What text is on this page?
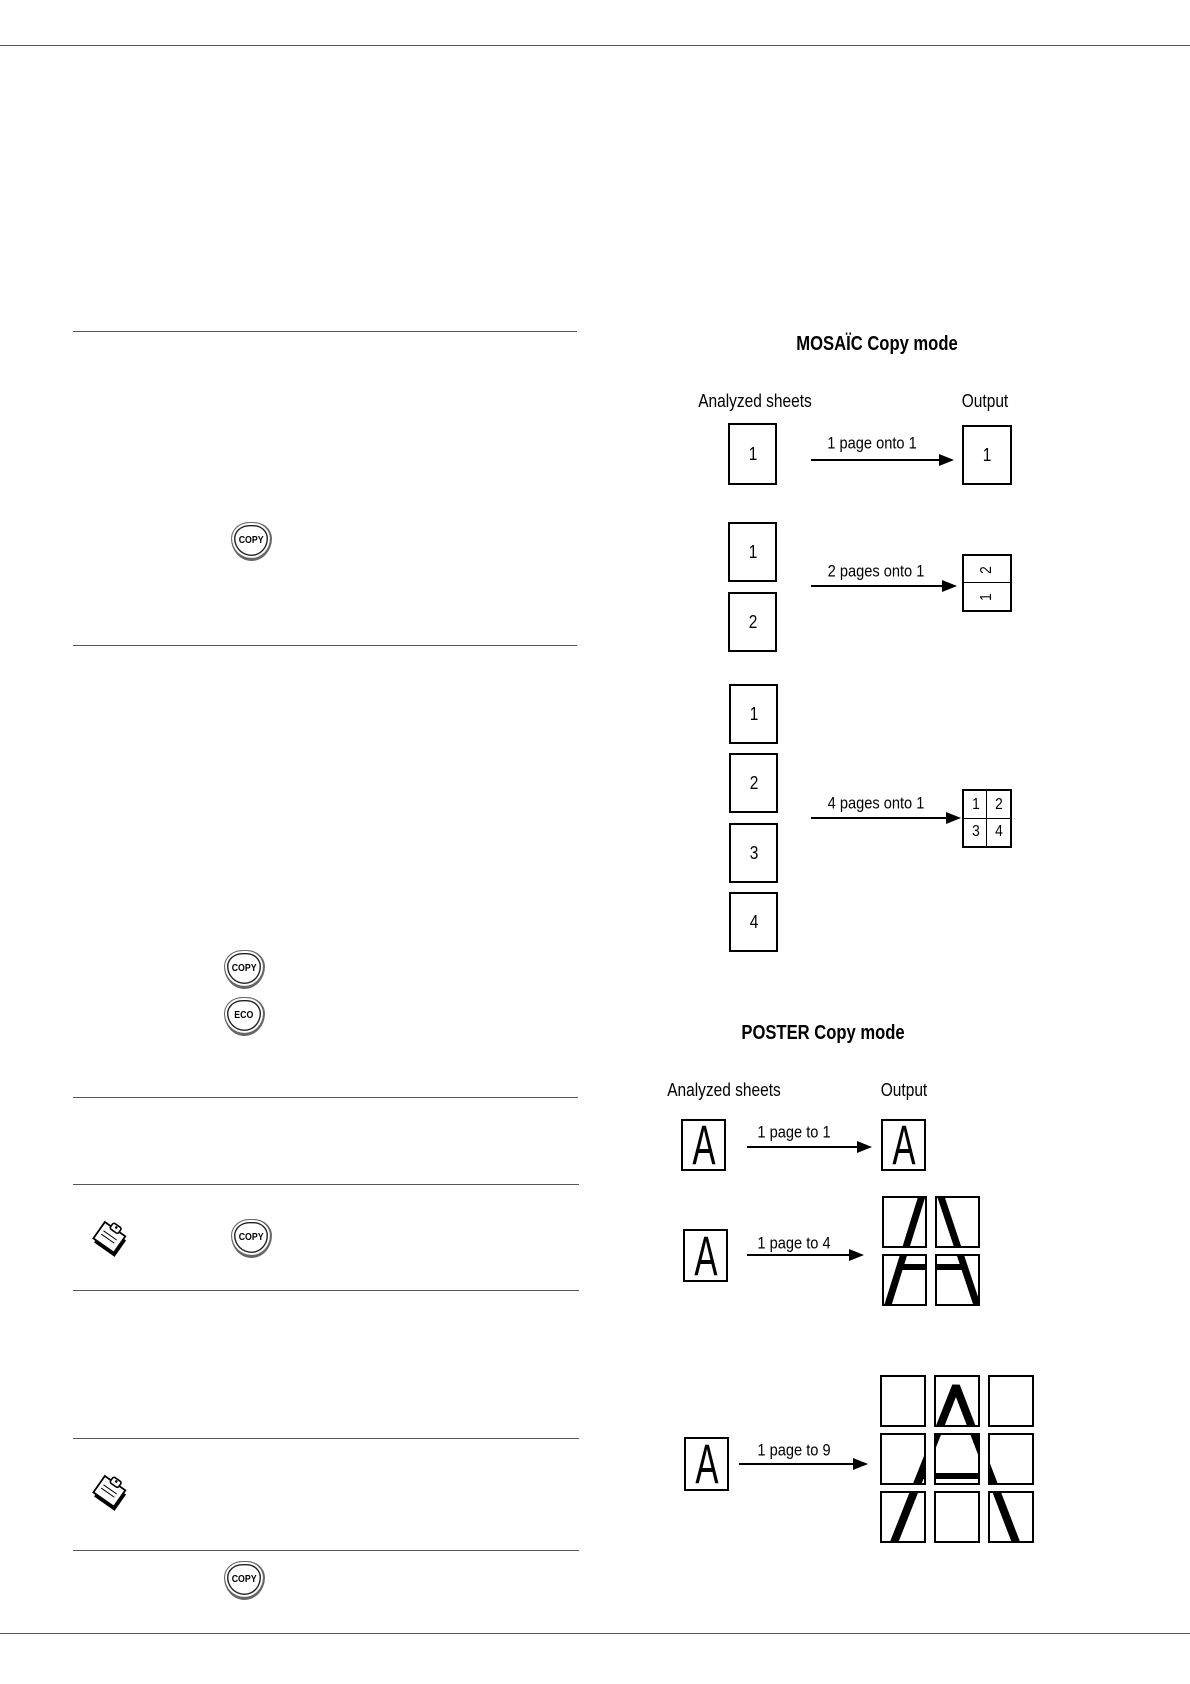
COPY
COPY
ECO
COPY
COPY
MOSAÏC Copy mode
Analyzed sheets	Output
1
1 page onto 1
1
1
2
2 pages onto 1	2
1
1
2
3
4
4 pages onto 1	1 2
3 4
POSTER Copy mode
Analyzed sheets	Output
A 1 page to 1 A
A 1 page to 4
A 1 page to 9
